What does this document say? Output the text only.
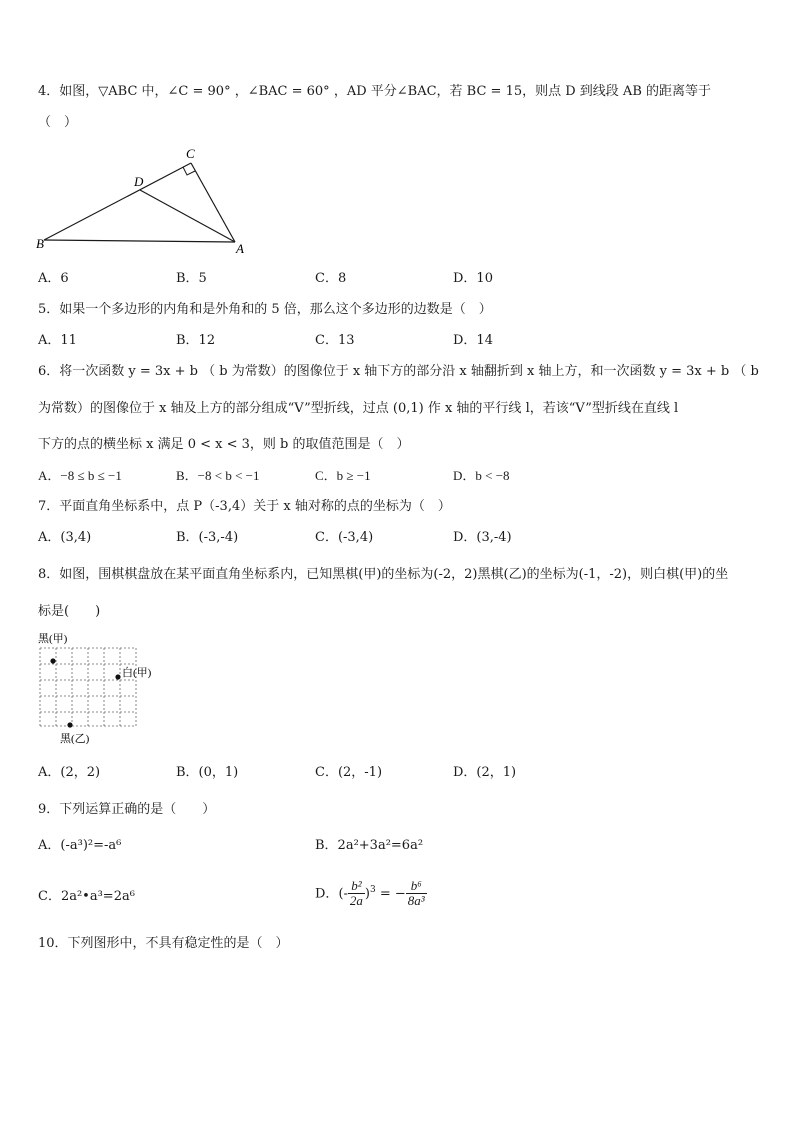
4．如图，▽ABC 中，∠C = 90° ，∠BAC = 60° ，AD 平分∠BAC，若 BC = 15，则点 D 到线段 AB 的距离等于
（　）
C
D
B	A
A．6	B．5	C．8	D．10
5．如果一个多边形的内角和是外角和的 5 倍，那么这个多边形的边数是（　）
A．11	B．12	C．13	D．14
6．将一次函数 y = 3x + b （ b 为常数）的图像位于 x 轴下方的部分沿 x 轴翻折到 x 轴上方，和一次函数 y = 3x + b （ b
为常数）的图像位于 x 轴及上方的部分组成“V”型折线，过点 (0,1) 作 x 轴的平行线 l，若该“V”型折线在直线 l
下方的点的横坐标 x 满足 0 < x < 3，则 b 的取值范围是（　）
A．−8 ≤ b ≤ −1	B．−8 < b < −1	C．b ≥ −1	D．b < −8
7．平面直角坐标系中，点 P（-3,4）关于 x 轴对称的点的坐标为（　）
A．(3,4)	B．(-3,-4)	C．(-3,4)	D．(3,-4)
8．如图，围棋棋盘放在某平面直角坐标系内，已知黑棋(甲)的坐标为(-2，2)黑棋(乙)的坐标为(-1，-2)，则白棋(甲)的坐
标是(　　)
黑(甲)
白(甲)
黑(乙)
A．(2，2)	B．(0，1)	C．(2，-1)	D．(2，1)
9．下列运算正确的是（　　）
A．(-a³)²=-a⁶	B．2a²+3a²=6a²
C．2a²•a³=2a⁶	D．(- $\frac{\text{b²}}{2a} )^3$ = − $\frac{\text{b⁶}}{\text{8a³}}$
10．下列图形中，不具有稳定性的是（　）
